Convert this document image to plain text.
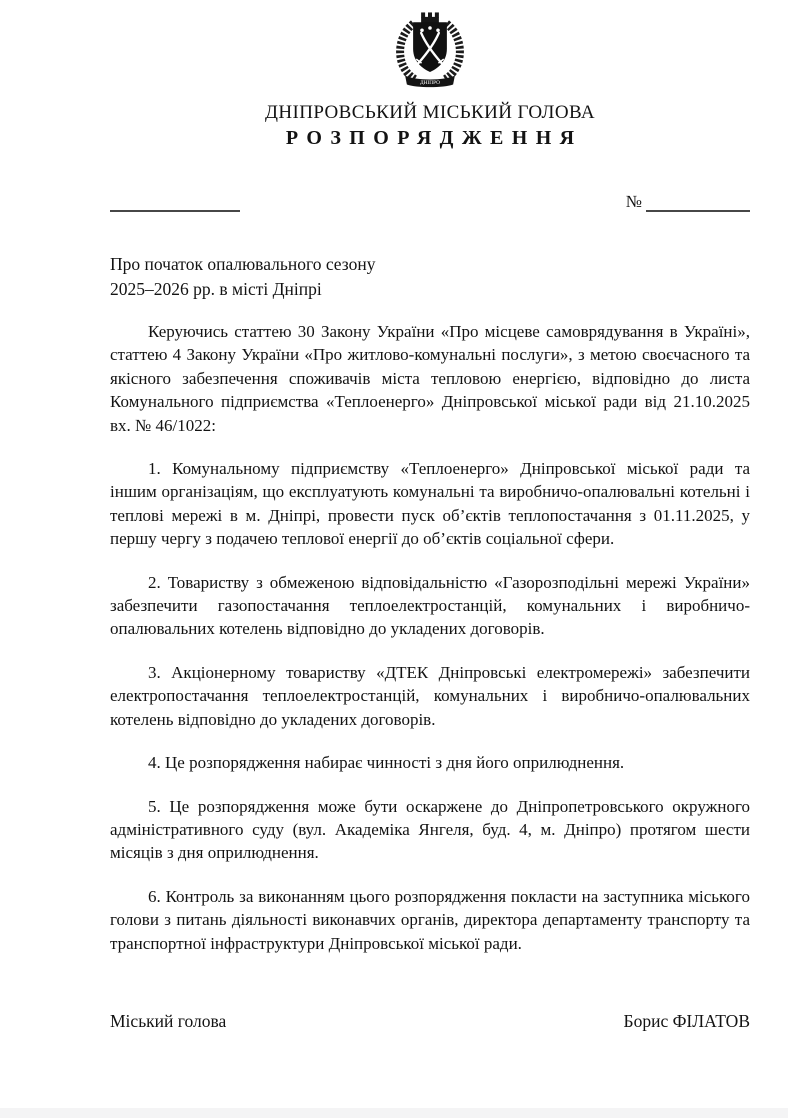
ДНІПРО
ДНІПРОВСЬКИЙ МІСЬКИЙ ГОЛОВА
РОЗПОРЯДЖЕННЯ
№
Про початок опалювального сезону
2025–2026 рр. в місті Дніпрі

Керуючись статтею 30 Закону України «Про місцеве самоврядування в Україні», статтею 4 Закону України «Про житлово-комунальні послуги», з метою своєчасного та якісного забезпечення споживачів міста тепловою енергією, відповідно до листа Комунального підприємства «Теплоенерго» Дніпровської міської ради від 21.10.2025 вх. № 46/1022:

1. Комунальному підприємству «Теплоенерго» Дніпровської міської ради та іншим організаціям, що експлуатують комунальні та виробничо-опалювальні котельні і теплові мережі в м. Дніпрі, провести пуск об’єктів теплопостачання з 01.11.2025, у першу чергу з подачею теплової енергії до об’єктів соціальної сфери.

2. Товариству з обмеженою відповідальністю «Газорозподільні мережі України» забезпечити газопостачання теплоелектростанцій, комунальних і виробничо-опалювальних котелень відповідно до укладених договорів.

3. Акціонерному товариству «ДТЕК Дніпровські електромережі» забезпечити електропостачання теплоелектростанцій, комунальних і виробничо-опалювальних котелень відповідно до укладених договорів.

4. Це розпорядження набирає чинності з дня його оприлюднення.

5. Це розпорядження може бути оскаржене до Дніпропетровського окружного адміністративного суду (вул. Академіка Янгеля, буд. 4, м. Дніпро) протягом шести місяців з дня оприлюднення.

6. Контроль за виконанням цього розпорядження покласти на заступника міського голови з питань діяльності виконавчих органів, директора департаменту транспорту та транспортної інфраструктури Дніпровської міської ради.

Міський голова	Борис ФІЛАТОВ
